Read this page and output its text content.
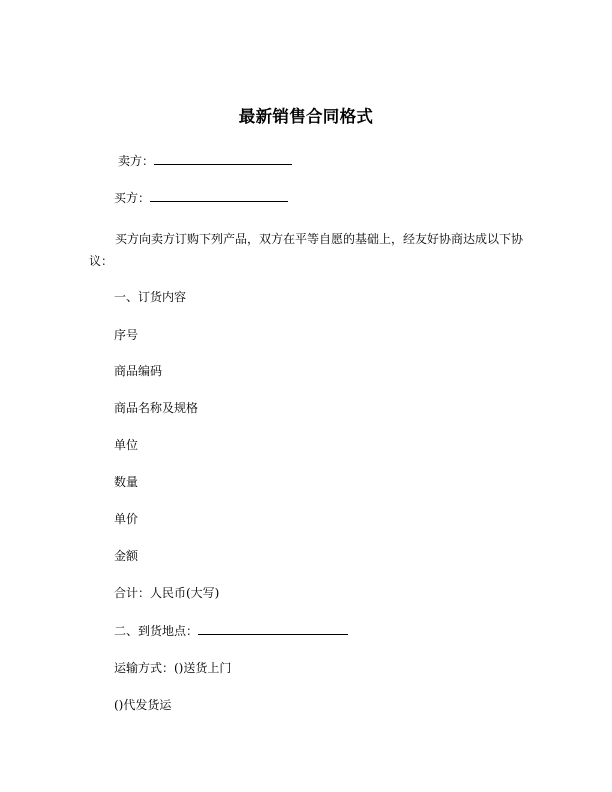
最新销售合同格式
卖方：
买方：
买方向卖方订购下列产品，双方在平等自愿的基础上，经友好协商达成以下协议：
一、订货内容
序号
商品编码
商品名称及规格
单位
数量
单价
金额
合计：人民币(大写)
二、到货地点：
运输方式：()送货上门
()代发货运
